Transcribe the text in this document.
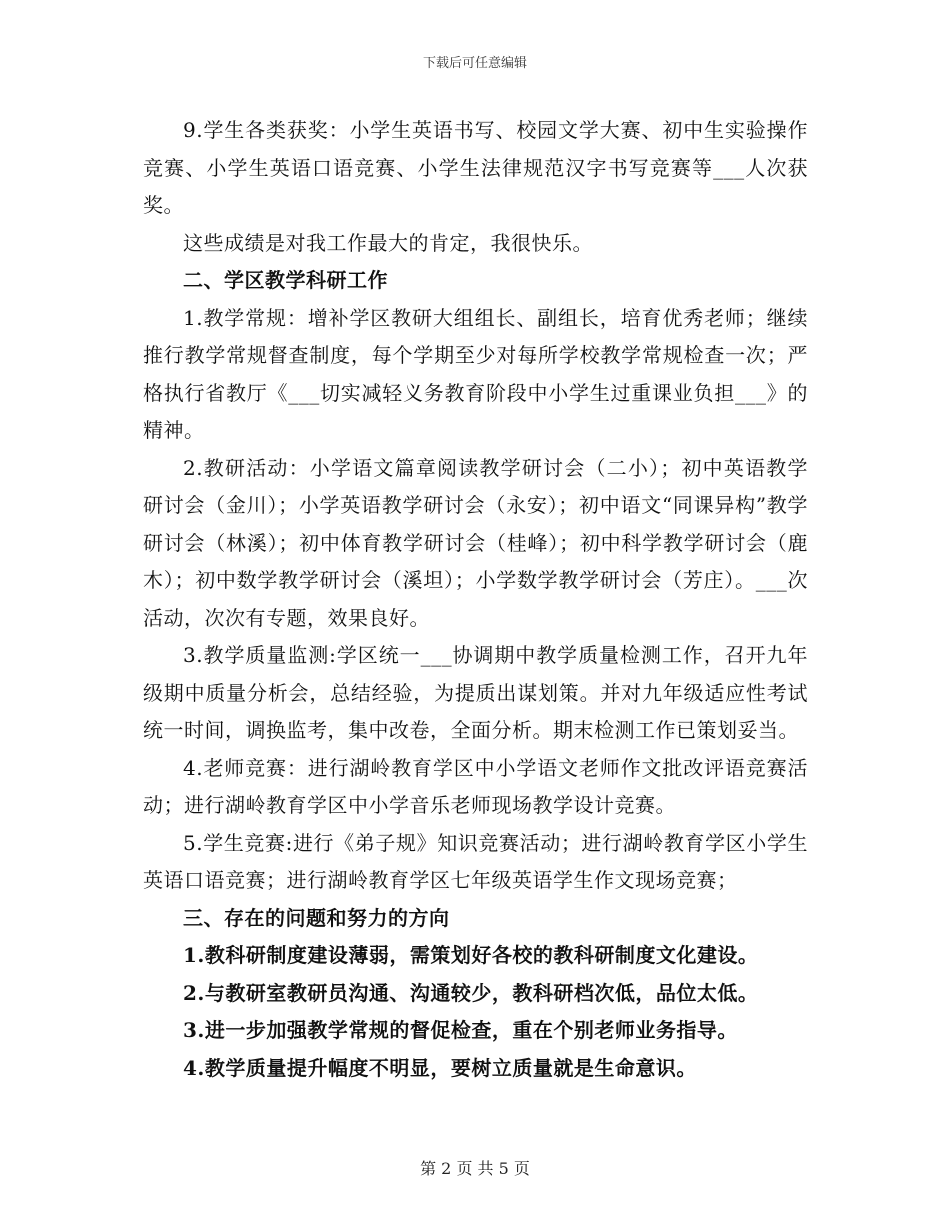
下载后可任意编辑

9.学生各类获奖：小学生英语书写、校园文学大赛、初中生实验操作竞赛、小学生英语口语竞赛、小学生法律规范汉字书写竞赛等___人次获奖。

这些成绩是对我工作最大的肯定，我很快乐。

二、学区教学科研工作

1.教学常规：增补学区教研大组组长、副组长，培育优秀老师；继续推行教学常规督查制度，每个学期至少对每所学校教学常规检查一次；严格执行省教厅《___切实减轻义务教育阶段中小学生过重课业负担___》的精神。

2.教研活动：小学语文篇章阅读教学研讨会（二小）；初中英语教学研讨会（金川）；小学英语教学研讨会（永安）；初中语文“同课异构”教学研讨会（林溪）；初中体育教学研讨会（桂峰）；初中科学教学研讨会（鹿木）；初中数学教学研讨会（溪坦）；小学数学教学研讨会（芳庄）。___次活动，次次有专题，效果良好。

3.教学质量监测:学区统一___协调期中教学质量检测工作，召开九年级期中质量分析会，总结经验，为提质出谋划策。并对九年级适应性考试统一时间，调换监考，集中改卷，全面分析。期末检测工作已策划妥当。

4.老师竞赛：进行湖岭教育学区中小学语文老师作文批改评语竞赛活动；进行湖岭教育学区中小学音乐老师现场教学设计竞赛。

5.学生竞赛:进行《弟子规》知识竞赛活动；进行湖岭教育学区小学生英语口语竞赛；进行湖岭教育学区七年级英语学生作文现场竞赛；

三、存在的问题和努力的方向

1.教科研制度建设薄弱，需策划好各校的教科研制度文化建设。

2.与教研室教研员沟通、沟通较少，教科研档次低，品位太低。

3.进一步加强教学常规的督促检查，重在个别老师业务指导。

4.教学质量提升幅度不明显，要树立质量就是生命意识。

第 2 页 共 5 页
